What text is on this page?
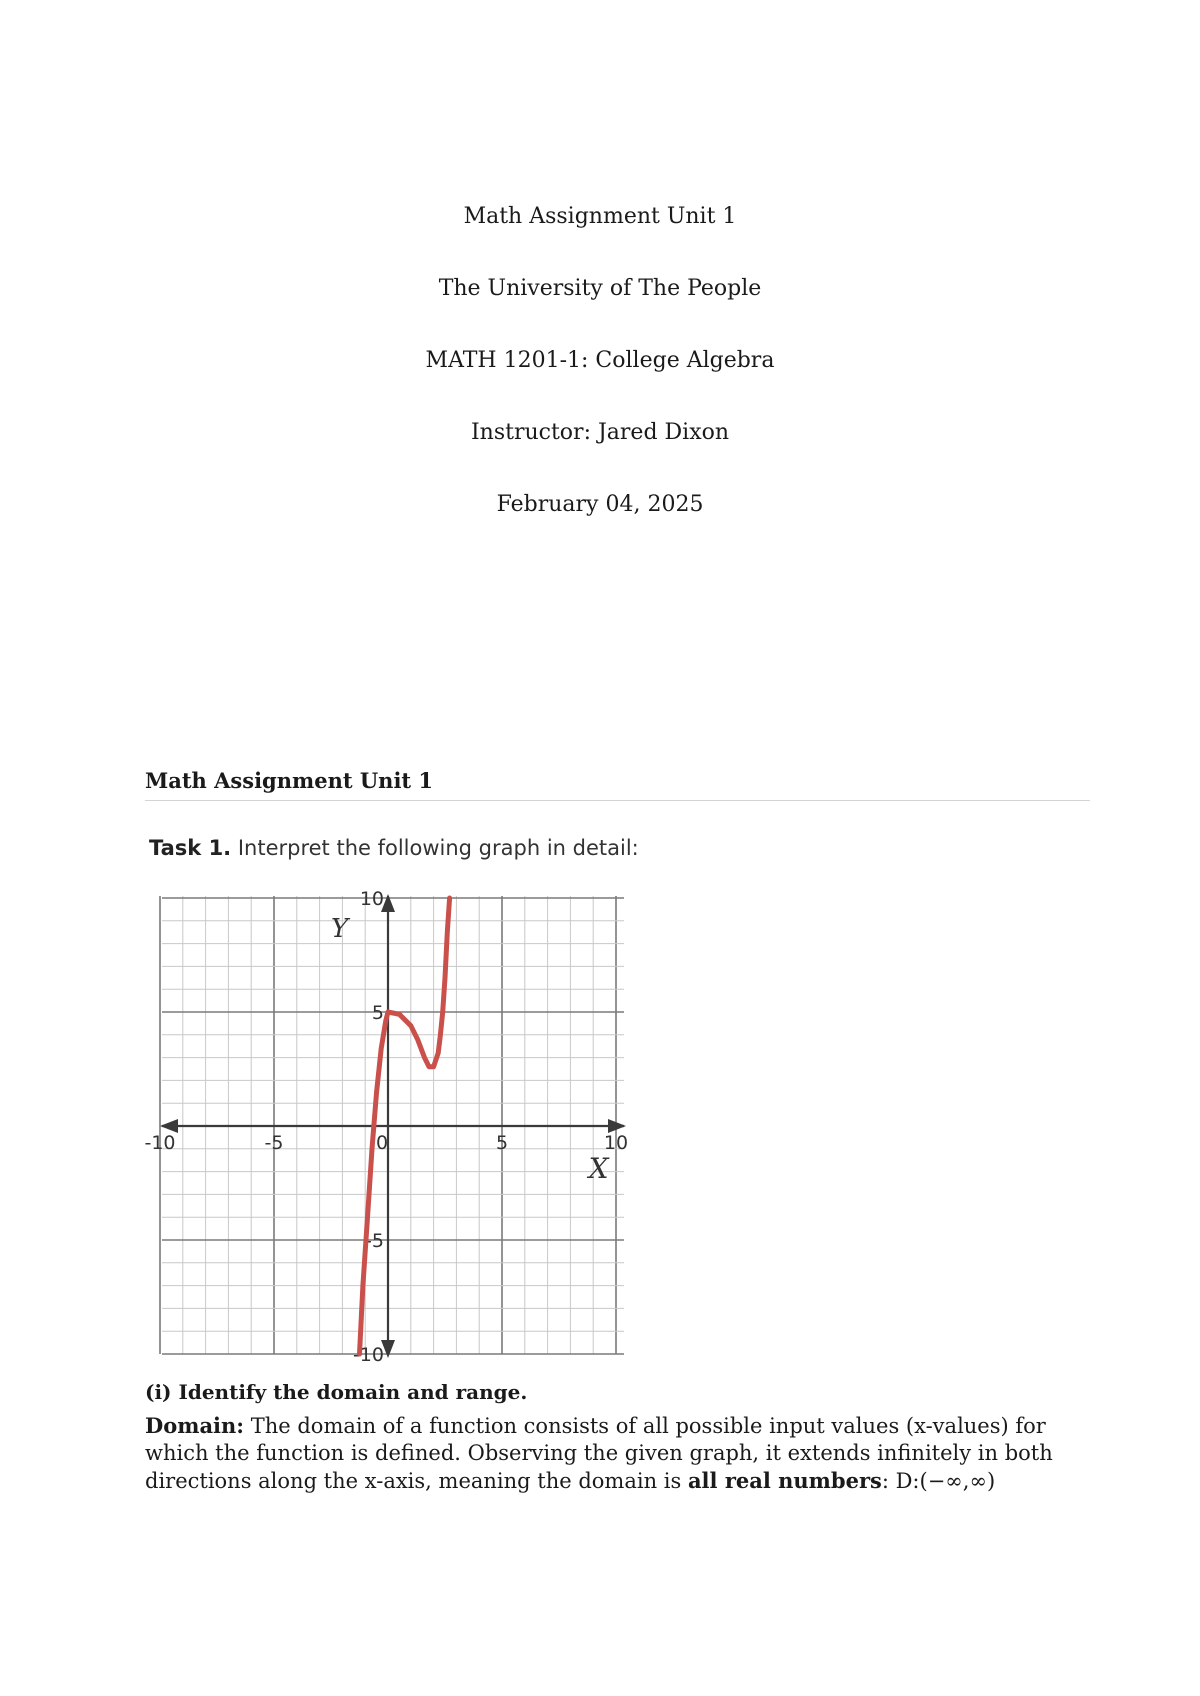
Math Assignment Unit 1
The University of The People
MATH 1201-1: College Algebra
Instructor: Jared Dixon
February 04, 2025
Math Assignment Unit 1
Task 1. Interpret the following graph in detail:
-10	-5	0	5	10
10
5
-5
-10
X
Y
(i) Identify the domain and range.
Domain: The domain of a function consists of all possible input values (x-values) for which the function is defined. Observing the given graph, it extends infinitely in both directions along the x-axis, meaning the domain is all real numbers: D:(−∞,∞)
